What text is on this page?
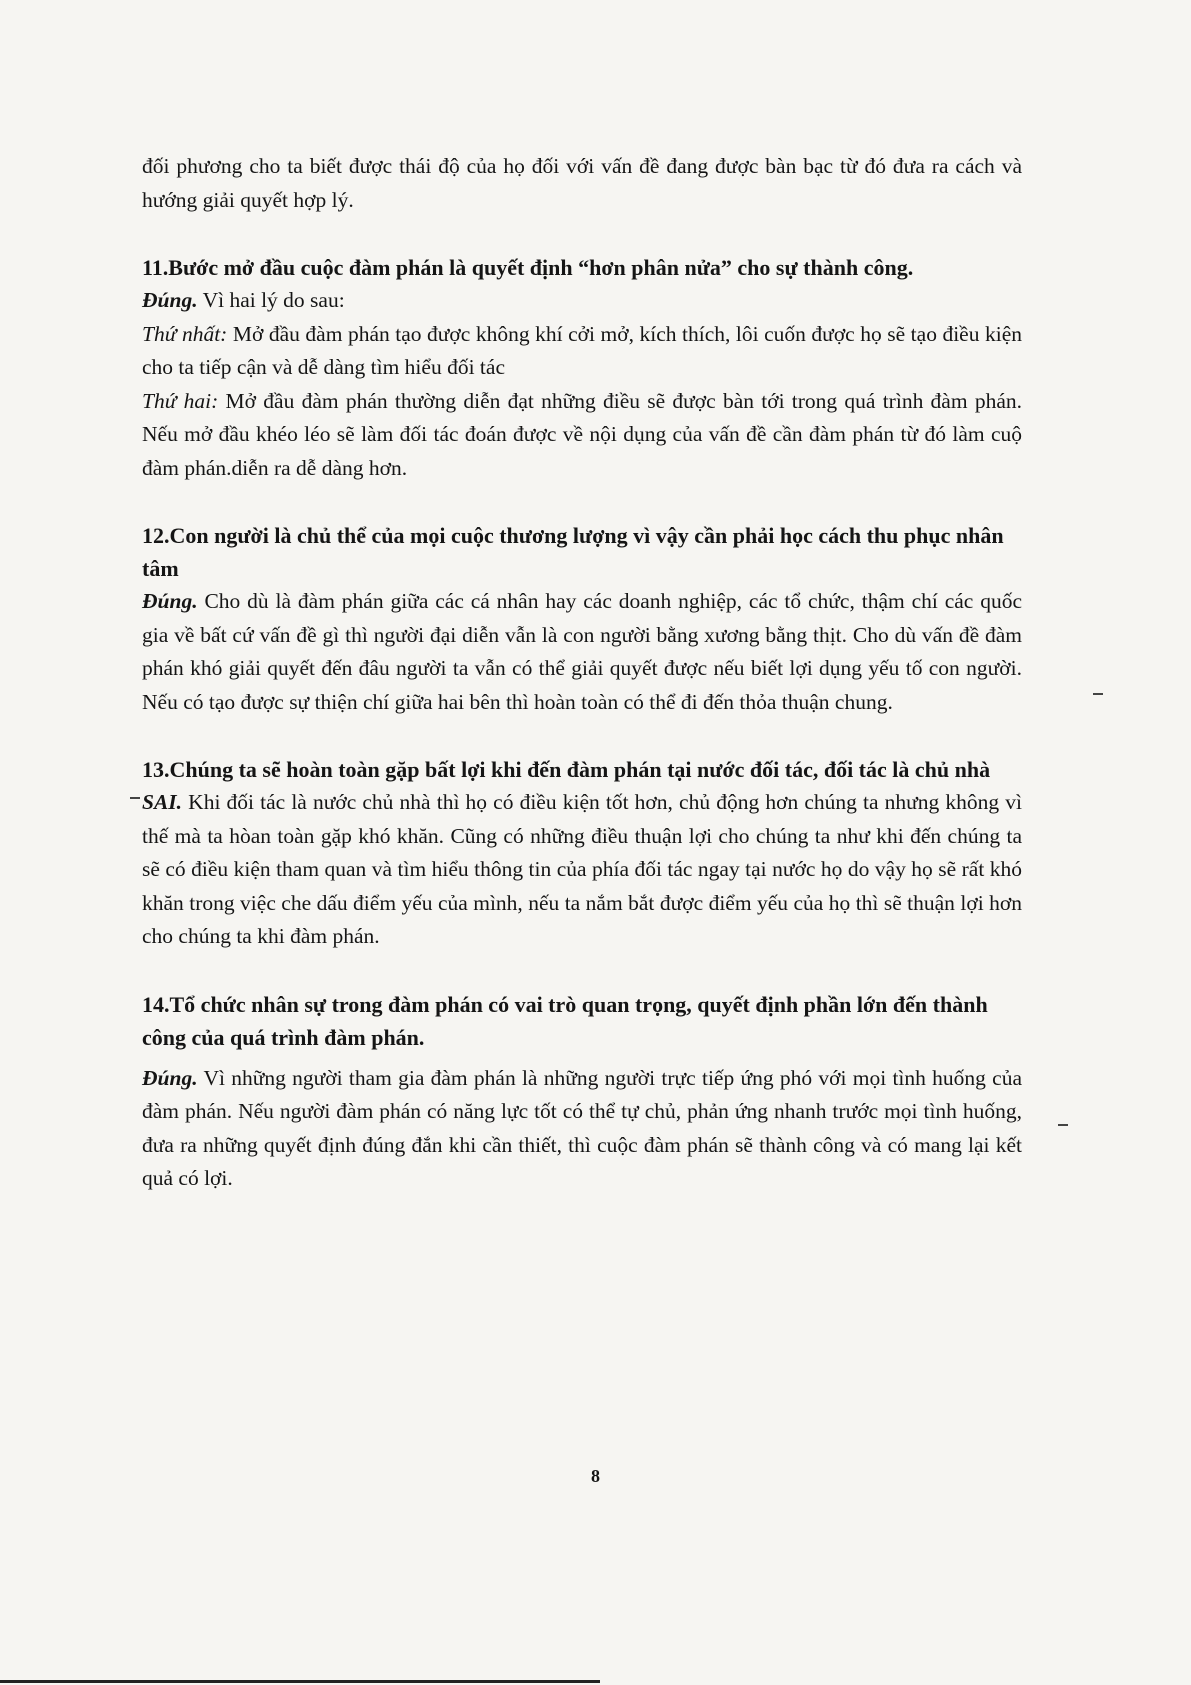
đối phương cho ta biết được thái độ của họ đối với vấn đề đang được bàn bạc từ đó đưa ra cách và hướng giải quyết hợp lý.

11.Bước mở đầu cuộc đàm phán là quyết định “hơn phân nửa” cho sự thành công.

Đúng. Vì hai lý do sau:

Thứ nhất: Mở đầu đàm phán tạo được không khí cởi mở, kích thích, lôi cuốn được họ sẽ tạo điều kiện cho ta tiếp cận và dễ dàng tìm hiểu đối tác

Thứ hai: Mở đầu đàm phán thường diễn đạt những điều sẽ được bàn tới trong quá trình đàm phán. Nếu mở đầu khéo léo sẽ làm đối tác đoán được về nội dụng của vấn đề cần đàm phán từ đó làm cuộ đàm phán.diễn ra dễ dàng hơn.

12.Con người là chủ thể của mọi cuộc thương lượng vì vậy cần phải học cách thu phục nhân tâm

Đúng. Cho dù là đàm phán giữa các cá nhân hay các doanh nghiệp, các tổ chức, thậm chí các quốc gia về bất cứ vấn đề gì thì người đại diễn vẫn là con người bằng xương bằng thịt. Cho dù vấn đề đàm phán khó giải quyết đến đâu người ta vẫn có thể giải quyết được nếu biết lợi dụng yếu tố con người. Nếu có tạo được sự thiện chí giữa hai bên thì hoàn toàn có thể đi đến thỏa thuận chung.

13.Chúng ta sẽ hoàn toàn gặp bất lợi khi đến đàm phán tại nước đối tác, đối tác là chủ nhà

SAI. Khi đối tác là nước chủ nhà thì họ có điều kiện tốt hơn, chủ động hơn chúng ta nhưng không vì thế mà ta hòan toàn gặp khó khăn. Cũng có những điều thuận lợi cho chúng ta như khi đến chúng ta sẽ có điều kiện tham quan và tìm hiểu thông tin của phía đối tác ngay tại nước họ do vậy họ sẽ rất khó khăn trong việc che dấu điểm yếu của mình, nếu ta nắm bắt được điểm yếu của họ thì sẽ thuận lợi hơn cho chúng ta khi đàm phán.

14.Tổ chức nhân sự trong đàm phán có vai trò quan trọng, quyết định phần lớn đến thành công của quá trình đàm phán.

Đúng. Vì những người tham gia đàm phán là những người trực tiếp ứng phó với mọi tình huống của đàm phán. Nếu người đàm phán có năng lực tốt có thể tự chủ, phản ứng nhanh trước mọi tình huống, đưa ra những quyết định đúng đắn khi cần thiết, thì cuộc đàm phán sẽ thành công và có mang lại kết quả có lợi.

8
